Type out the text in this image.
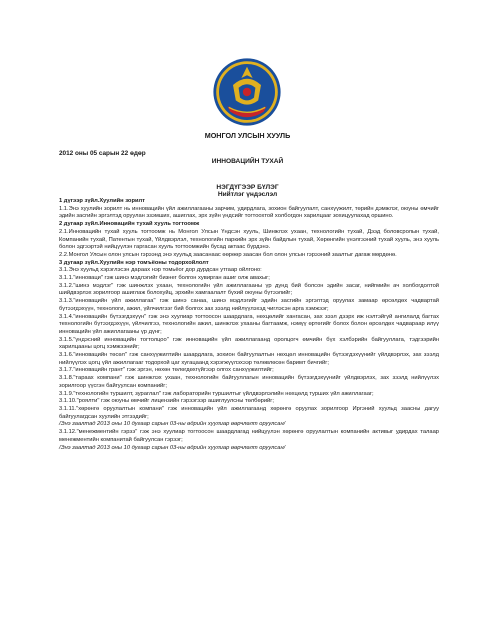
МОНГОЛ УЛСЫН ХУУЛЬ
2012 оны 05 сарын 22 өдөр
ИННОВАЦИЙН ТУХАЙ
НЭГДҮГЭЭР БҮЛЭГ
Нийтлэг үндэслэл

1 дүгээр зүйл.Хуулийн зорилт

1.1.Энэ хуулийн зорилт нь инновацийн үйл ажиллагааны зарчим, удирдлага, зохион байгуулалт, санхүүжилт, төрийн дэмжлэг, оюуны өмчийг эдийн засгийн эргэлтэд оруулан эзэмших, ашиглах, эрх зүйн үндсийг тогтоохтой холбогдон харилцааг зохицуулахад оршино.

2 дугаар зүйл.Инновацийн тухай хууль тогтоомж

2.1.Инновацийн тухай хууль тогтоомж нь Монгол Улсын Үндсэн хууль, Шинжлэх ухаан, технологийн тухай, Дээд боловсролын тухай, Компанийн тухай, Патентын тухай, Үйлдвэрлэл, технологийн паркийн эрх зүйн байдлын тухай, Хөрөнгийн үнэлгээний тухай хууль, энэ хууль болон эдгээртэй нийцүүлэн гаргасан хууль тогтоомжийн бусад актаас бүрдэнэ.

2.2.Монгол Улсын олон улсын гэрээнд энэ хуульд заасанаас өөрөөр заасан бол олон улсын гэрээний заалтыг дагаж мөрдөнө.

3 дугаар зүйл.Хуулийн нэр томъёоны тодорхойлолт

3.1.Энэ хуульд хэрэглэсэн дараах нэр томьёог дор дурдсан утгаар ойлгоно:

3.1.1."инноваци" гэж шинэ мэдлэгийг бизнег болгон хувирган ашиг олж авахыг;

3.1.2."шинэ мэдлэг" гэж шинжлэх ухаан, технологийн үйл ажиллагааны үр дүнд бий болсон эдийн засаг, нийгмийн ач холбогдолтой шийдвэрлэх зорилгоор ашиглаж болохуйц, эрхийн хамгаалалт бүхий оюуны бүтээлийг;

3.1.3."инновацийн үйл ажиллагаа" гэж шинэ санаа, шинэ мэдлэгийг эдийн засгийн эргэлтэд оруулах замаар өрсөлдөх чадвартай бүтээгдэхүүн, технологи, ажил, үйлчилгээг бий болгох зах зээлд нийлүүлэхэд чиглэсэн арга хэмжээг;

3.1.4."инновацийн бүтээгдэхүүн" гэж энэ хуулиар тогтоосон шаардлага, нөхцөлийг хангасан, зах зээл дээрх иж нэлтэйгүй ангилалд багтах технологийн бүтээгдэхүүн, үйлчилгээ, технологийн ажил, шинжлэх ухааны багтаамж, нэмүү өртөгийг болох болон өрсөлдөх чадвараар илүү инновацийн үйл ажиллагааны үр дүнг;

3.1.5."үндэсний инновацийн тогтолцоо" гэж инновацийн үйл ажиллагаанд оролцогч өмчийн бүх хэлбэрийн байгууллага, тэдгээрийн харилцааны цогц хэмжээнийг;

3.1.6."инновацийн төсөл" гэж санхүүжилтийн шаардлага, зохион байгуулалтын нөхцөл инновацийн бүтээгдэхүүнийг үйлдвэрлэх, зах зээлд нийлүүлэх цогц үйл ажиллагааг тодорхой цаг хугацаанд хэрэгжүүлэхээр төлөвлөсөн баримт бичгийг;

3.1.7."инновацийн грант" гэж эргэн, нөхөн төлөгдөхгүйгээр олгох санхүүжилтийг;

3.1.8."тараах компани" гэж шинжлэх ухаан, технологийн байгууллагын инновацийн бүтээгдэхүүнийг үйлдвэрлэх, зах зээлд нийлүүлэх зорилгоор үүсгэн байгуулсан компанийг;

3.1.9."технологийн туршилт, зураглал" гэж лабораторийн туршилтыг үйлдвэрлэлийн нөхцөлд турших үйл ажиллагааг;

3.1.10."роялти" гэж оюуны өмчийг лицензийн гэрээгээр ашиглуулсны төлбөрийг;

3.1.11."хөрөнгө оруулалтын компани" гэж инновацийн үйл ажиллагаанд хөрөнгө оруулах зорилгоор Иргэний хуульд заасны дагуу байгуулагдсан хуулийн этгээдийг;

/Энэ заалтад 2013 оны 10 дугаар сарын 03-ны өдрийн хуулиар өөрчлөлт оруулсан/

3.1.12."менежментийн гэрээ" гэж энэ хуулиар тогтоосон шаардлагад нийцүүлэн хөрөнгө оруулалтын компанийн активыг удирдах талаар менежментийн компанитай байгуулсан гэрээг;

/Энэ заалтад 2013 оны 10 дугаар сарын 03-ны өдрийн хуулиар өөрчлөлт оруулсан/
